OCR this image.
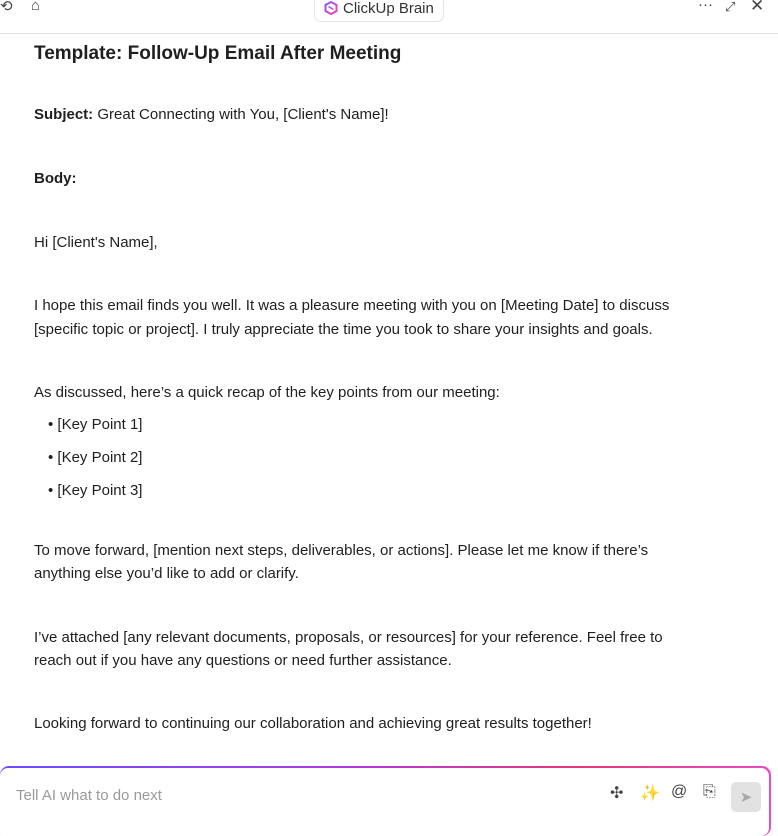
⟲ ⌂	ClickUp Brain	··· ⤢ ✕
Template: Follow-Up Email After Meeting
Subject: Great Connecting with You, [Client's Name]!
Body:
Hi [Client's Name],
I hope this email finds you well. It was a pleasure meeting with you on [Meeting Date] to discuss
[specific topic or project]. I truly appreciate the time you took to share your insights and goals.
As discussed, here’s a quick recap of the key points from our meeting:
• [Key Point 1]
• [Key Point 2]
• [Key Point 3]
To move forward, [mention next steps, deliverables, or actions]. Please let me know if there’s
anything else you’d like to add or clarify.
I’ve attached [any relevant documents, proposals, or resources] for your reference. Feel free to
reach out if you have any questions or need further assistance.
Looking forward to continuing our collaboration and achieving great results together!
Tell AI what to do next
✣ ✨ @ ⎘ ➤
